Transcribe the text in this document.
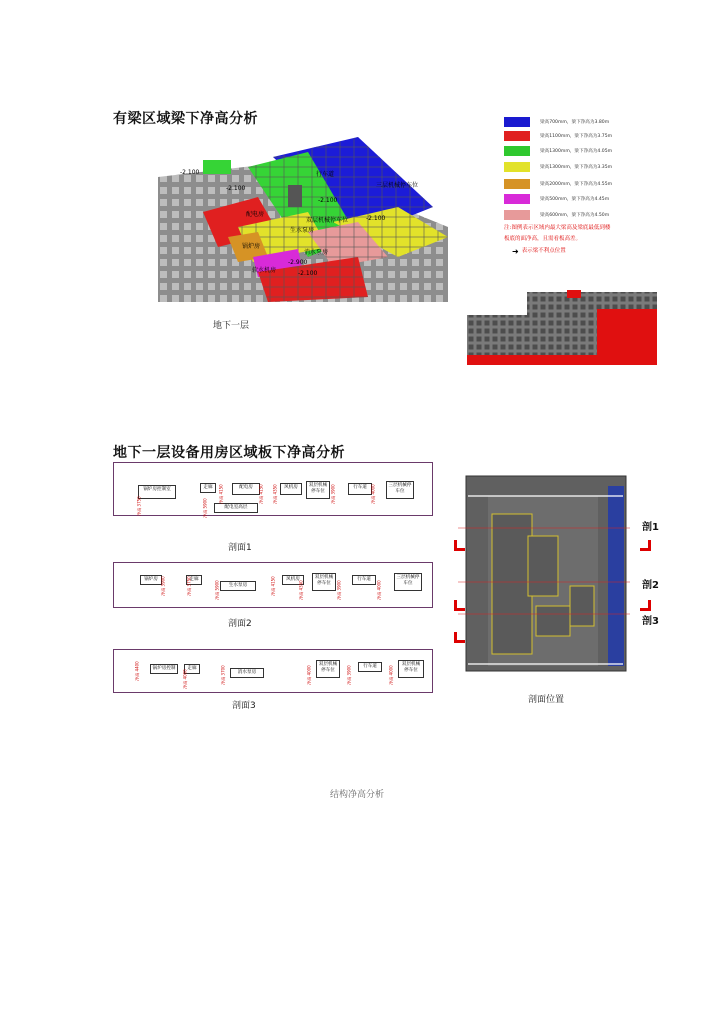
有梁区域梁下净高分析
-2.100
-2.100
配电房
行车道
三层机械停车位
-2.100
双层机械停车位
生水泵房
-2.100
锅炉房
消水泵房
-2.100
软水机房
-2.900
地下一层
梁高700mm，梁下净高为3.80m
梁高1100mm，梁下净高为3.75m
梁高1300mm，梁下净高为4.05m
梁高1300mm，梁下净高为3.35m
梁高2000mm，梁下净高为4.55m
梁高500mm，梁下净高为4.45m
梁高600mm，梁下净高为4.50m
注:图例表示区域内最大梁高及梁底最低到楼
板底的面净高，且需看板高差。
➜ 表示梁不利点位置
地下一层设备用房区域板下净高分析
锅炉房控制室	走廊	配电房	风机房	双层机械停车位
行车道	三层机械停车位
配电室高层
净高 3750
净高 4150	净高 4150 净高 4350	净高 3900	净高 4000
净高 5900
剖面1
锅炉房	走廊
生水泵房
风机房	双层机械停车位
行车道	三层机械停车位
净高 3900	净高 3750	净高 4150	净高 4350	净高 3900	净高 4000
净高 5900
剖面2
锅炉房控制	走廊
消水泵房
双层机械停车位
行车道	双层机械停车位
净高 4400	净高 4000	净高 3700	净高 4000	净高 3900	净高 4000
剖面3
剖1
剖2
剖3
剖面位置
结构净高分析
